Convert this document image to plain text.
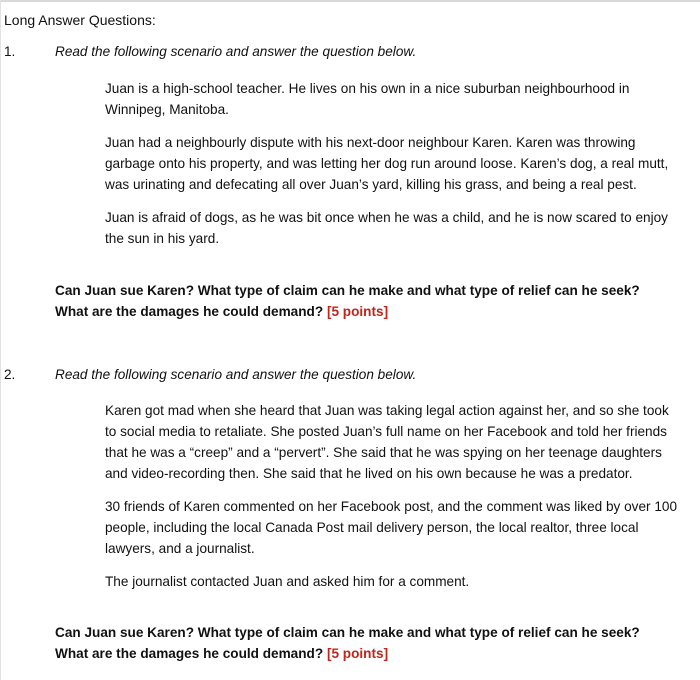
Long Answer Questions:
1.	Read the following scenario and answer the question below.

Juan is a high-school teacher. He lives on his own in a nice suburban neighbourhood in Winnipeg, Manitoba.

Juan had a neighbourly dispute with his next-door neighbour Karen. Karen was throwing garbage onto his property, and was letting her dog run around loose. Karen’s dog, a real mutt, was urinating and defecating all over Juan’s yard, killing his grass, and being a real pest.

Juan is afraid of dogs, as he was bit once when he was a child, and he is now scared to enjoy the sun in his yard.

Can Juan sue Karen? What type of claim can he make and what type of relief can he seek?
What are the damages he could demand? [5 points]
2.	Read the following scenario and answer the question below.

Karen got mad when she heard that Juan was taking legal action against her, and so she took to social media to retaliate. She posted Juan’s full name on her Facebook and told her friends that he was a “creep” and a “pervert”. She said that he was spying on her teenage daughters and video-recording then. She said that he lived on his own because he was a predator.

30 friends of Karen commented on her Facebook post, and the comment was liked by over 100 people, including the local Canada Post mail delivery person, the local realtor, three local lawyers, and a journalist.

The journalist contacted Juan and asked him for a comment.

Can Juan sue Karen? What type of claim can he make and what type of relief can he seek?
What are the damages he could demand? [5 points]
